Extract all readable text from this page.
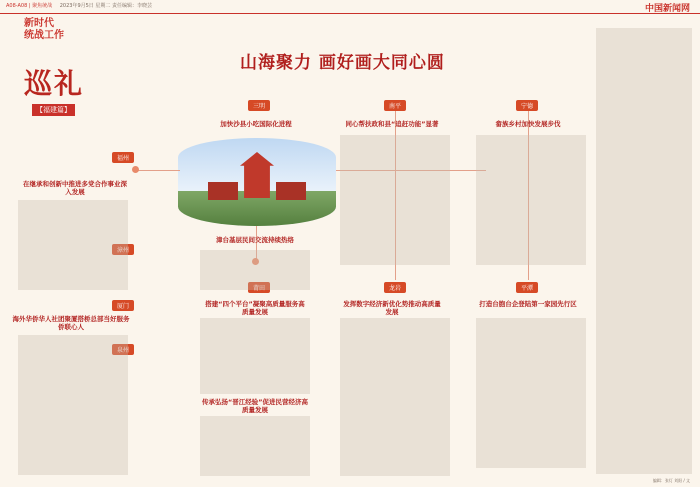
A08-A08 | 聚焦统战 2023年9月5日 星期二 责任编辑：李晓芸	中国新闻网
新时代
统战工作
巡礼
【福建篇】
山海聚力 画好画大同心圆
福州
漳州
厦门
泉州
三明	南平	宁德
莆田	龙岩	平潭
在继承和创新中推进多党合作事业深入发展
海外华侨华人社团聚厦搭桥总部当好服务侨联心人
漳台基层民间交流持续热络
传承弘扬“晋江经验”促进民营经济高质量发展
加快沙县小吃国际化进程
搭建“四个平台”凝聚高质量服务高质量发展
同心帮扶政和县“追赶功能”显著
发挥数字经济新优化势推动高质量发展
畲族乡村加快发展步伐
打造台胞台企登陆第一家园先行区
编辑：张灯 刘阳 / 文
